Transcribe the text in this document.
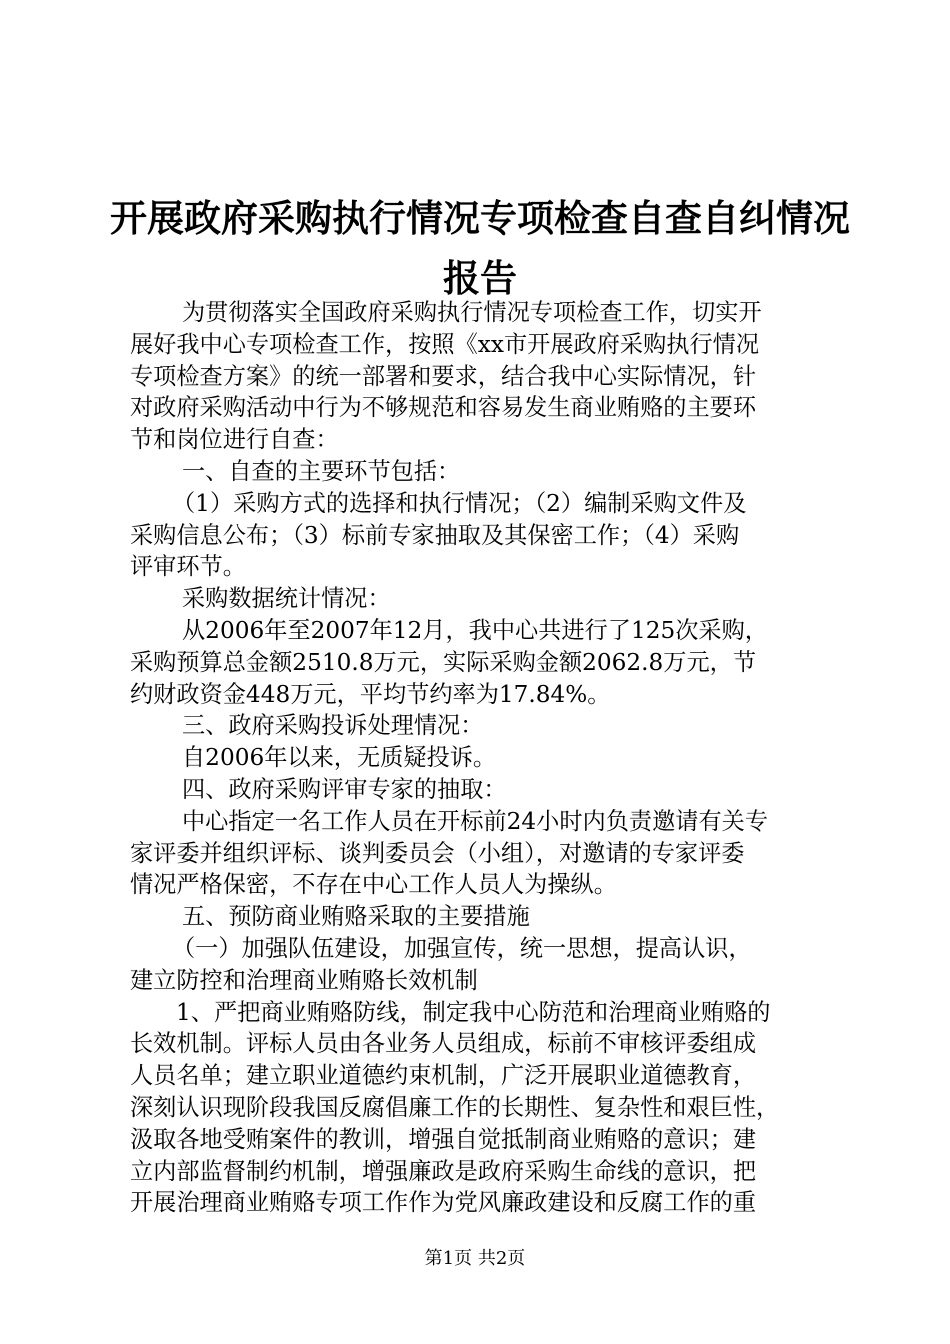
开展政府采购执行情况专项检查自查自纠情况
报告
为贯彻落实全国政府采购执行情况专项检查工作，切实开
展好我中心专项检查工作，按照《xx市开展政府采购执行情况
专项检查方案》的统一部署和要求，结合我中心实际情况，针
对政府采购活动中行为不够规范和容易发生商业贿赂的主要环
节和岗位进行自查：
一、自查的主要环节包括：
（1）采购方式的选择和执行情况；（2）编制采购文件及
采购信息公布；（3）标前专家抽取及其保密工作；（4）采购
评审环节。
采购数据统计情况：
从2006年至2007年12月，我中心共进行了125次采购，
采购预算总金额2510.8万元，实际采购金额2062.8万元，节
约财政资金448万元，平均节约率为17.84%。
三、政府采购投诉处理情况：
自2006年以来，无质疑投诉。
四、政府采购评审专家的抽取：
中心指定一名工作人员在开标前24小时内负责邀请有关专
家评委并组织评标、谈判委员会（小组），对邀请的专家评委
情况严格保密，不存在中心工作人员人为操纵。
五、预防商业贿赂采取的主要措施
（一）加强队伍建设，加强宣传，统一思想，提高认识，
建立防控和治理商业贿赂长效机制
1、严把商业贿赂防线，制定我中心防范和治理商业贿赂的
长效机制。评标人员由各业务人员组成，标前不审核评委组成
人员名单；建立职业道德约束机制，广泛开展职业道德教育，
深刻认识现阶段我国反腐倡廉工作的长期性、复杂性和艰巨性，
汲取各地受贿案件的教训，增强自觉抵制商业贿赂的意识；建
立内部监督制约机制，增强廉政是政府采购生命线的意识，把
开展治理商业贿赂专项工作作为党风廉政建设和反腐工作的重
第1页 共2页
